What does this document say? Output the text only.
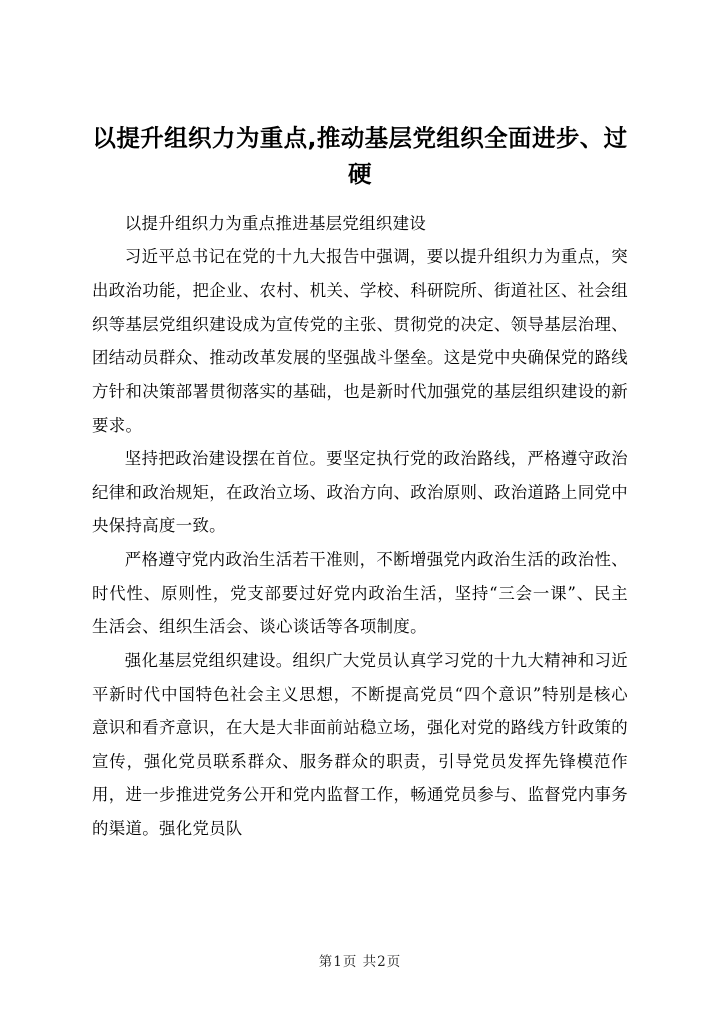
以提升组织力为重点,推动基层党组织全面进步、过硬

以提升组织力为重点推进基层党组织建设

习近平总书记在党的十九大报告中强调，要以提升组织力为重点，突出政治功能，把企业、农村、机关、学校、科研院所、街道社区、社会组织等基层党组织建设成为宣传党的主张、贯彻党的决定、领导基层治理、团结动员群众、推动改革发展的坚强战斗堡垒。这是党中央确保党的路线方针和决策部署贯彻落实的基础，也是新时代加强党的基层组织建设的新要求。

坚持把政治建设摆在首位。要坚定执行党的政治路线，严格遵守政治纪律和政治规矩，在政治立场、政治方向、政治原则、政治道路上同党中央保持高度一致。

严格遵守党内政治生活若干准则，不断增强党内政治生活的政治性、时代性、原则性，党支部要过好党内政治生活，坚持“三会一课”、民主生活会、组织生活会、谈心谈话等各项制度。

强化基层党组织建设。组织广大党员认真学习党的十九大精神和习近平新时代中国特色社会主义思想，不断提高党员“四个意识”特别是核心意识和看齐意识，在大是大非面前站稳立场，强化对党的路线方针政策的宣传，强化党员联系群众、服务群众的职责，引导党员发挥先锋模范作用，进一步推进党务公开和党内监督工作，畅通党员参与、监督党内事务的渠道。强化党员队

第1页 共2页
